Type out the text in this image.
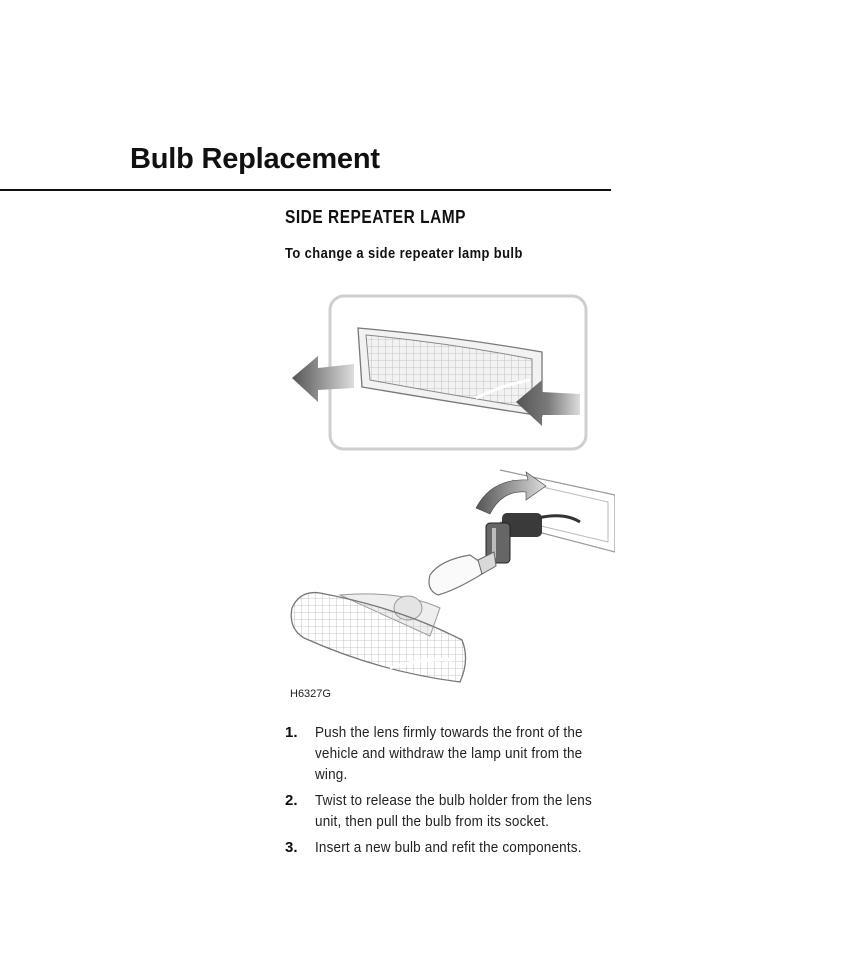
Bulb Replacement
SIDE REPEATER LAMP
To change a side repeater lamp bulb
H6327G
1.	Push the lens firmly towards the front of the vehicle and withdraw the lamp unit from the wing.
2.	Twist to release the bulb holder from the lens unit, then pull the bulb from its socket.
3.	Insert a new bulb and refit the components.
